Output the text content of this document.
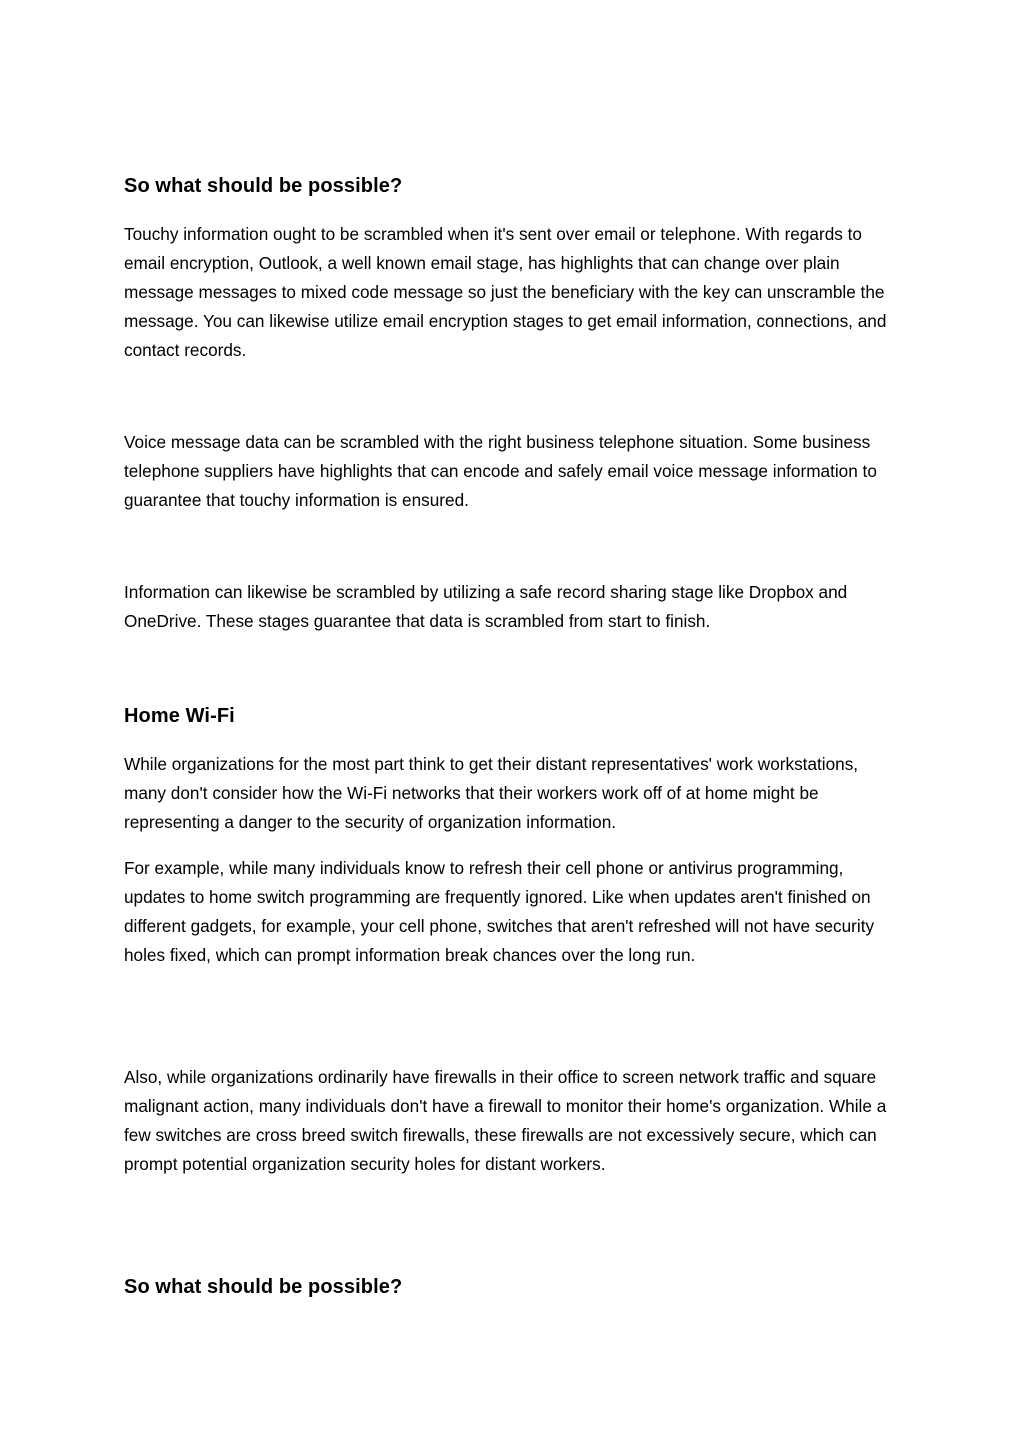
So what should be possible?

Touchy information ought to be scrambled when it's sent over email or telephone. With regards to email encryption, Outlook, a well known email stage, has highlights that can change over plain message messages to mixed code message so just the beneficiary with the key can unscramble the message. You can likewise utilize email encryption stages to get email information, connections, and contact records.

Voice message data can be scrambled with the right business telephone situation. Some business telephone suppliers have highlights that can encode and safely email voice message information to guarantee that touchy information is ensured.

Information can likewise be scrambled by utilizing a safe record sharing stage like Dropbox and OneDrive. These stages guarantee that data is scrambled from start to finish.

Home Wi-Fi

While organizations for the most part think to get their distant representatives' work workstations, many don't consider how the Wi-Fi networks that their workers work off of at home might be representing a danger to the security of organization information.

For example, while many individuals know to refresh their cell phone or antivirus programming, updates to home switch programming are frequently ignored. Like when updates aren't finished on different gadgets, for example, your cell phone, switches that aren't refreshed will not have security holes fixed, which can prompt information break chances over the long run.

Also, while organizations ordinarily have firewalls in their office to screen network traffic and square malignant action, many individuals don't have a firewall to monitor their home's organization. While a few switches are cross breed switch firewalls, these firewalls are not excessively secure, which can prompt potential organization security holes for distant workers.

So what should be possible?
